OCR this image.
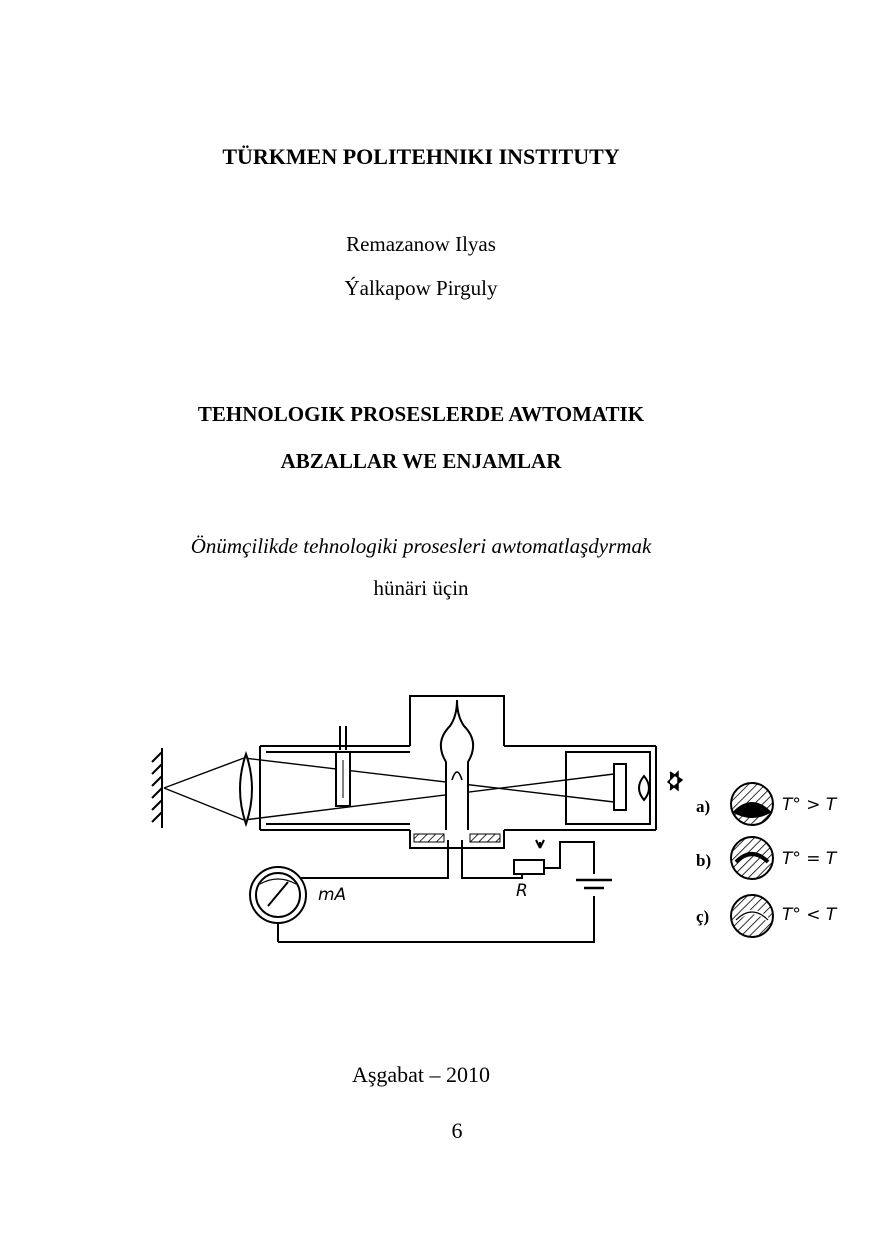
TÜRKMEN POLITEHNIKI INSTITUTY
Remazanow Ilyas
Ýalkapow Pirguly
TEHNOLOGIK PROSESLERDE AWTOMATIK
ABZALLAR WE ENJAMLAR
Önümçilikde tehnologiki prosesleri awtomatlaşdyrmak
hünäri üçin
R
mA
a)	T° > T
b)	T° = T
ç)	T° < T
Aşgabat – 2010
6
